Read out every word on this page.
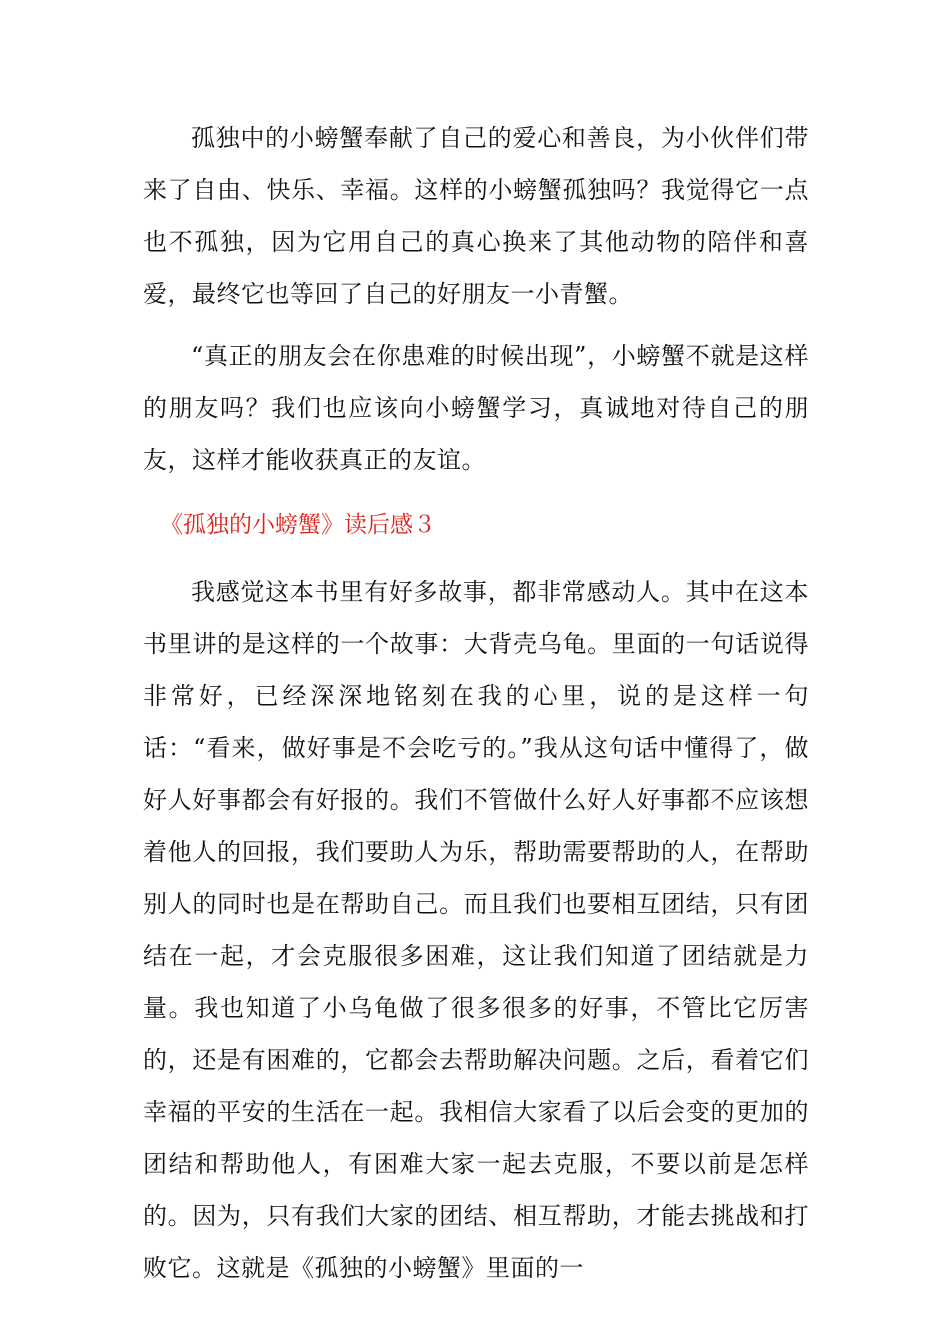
孤独中的小螃蟹奉献了自己的爱心和善良，为小伙伴们带来了自由、快乐、幸福。这样的小螃蟹孤独吗？我觉得它一点也不孤独，因为它用自己的真心换来了其他动物的陪伴和喜爱，最终它也等回了自己的好朋友一小青蟹。

“真正的朋友会在你患难的时候出现”，小螃蟹不就是这样的朋友吗？我们也应该向小螃蟹学习，真诚地对待自己的朋友，这样才能收获真正的友谊。

《孤独的小螃蟹》读后感３

我感觉这本书里有好多故事，都非常感动人。其中在这本书里讲的是这样的一个故事：大背壳乌龟。里面的一句话说得非常好，已经深深地铭刻在我的心里，说的是这样一句话：“看来，做好事是不会吃亏的。”我从这句话中懂得了，做好人好事都会有好报的。我们不管做什么好人好事都不应该想着他人的回报，我们要助人为乐，帮助需要帮助的人，在帮助别人的同时也是在帮助自己。而且我们也要相互团结，只有团结在一起，才会克服很多困难，这让我们知道了团结就是力量。我也知道了小乌龟做了很多很多的好事，不管比它厉害的，还是有困难的，它都会去帮助解决问题。之后，看着它们幸福的平安的生活在一起。我相信大家看了以后会变的更加的团结和帮助他人，有困难大家一起去克服，不要以前是怎样的。因为，只有我们大家的团结、相互帮助，才能去挑战和打败它。这就是《孤独的小螃蟹》里面的一
